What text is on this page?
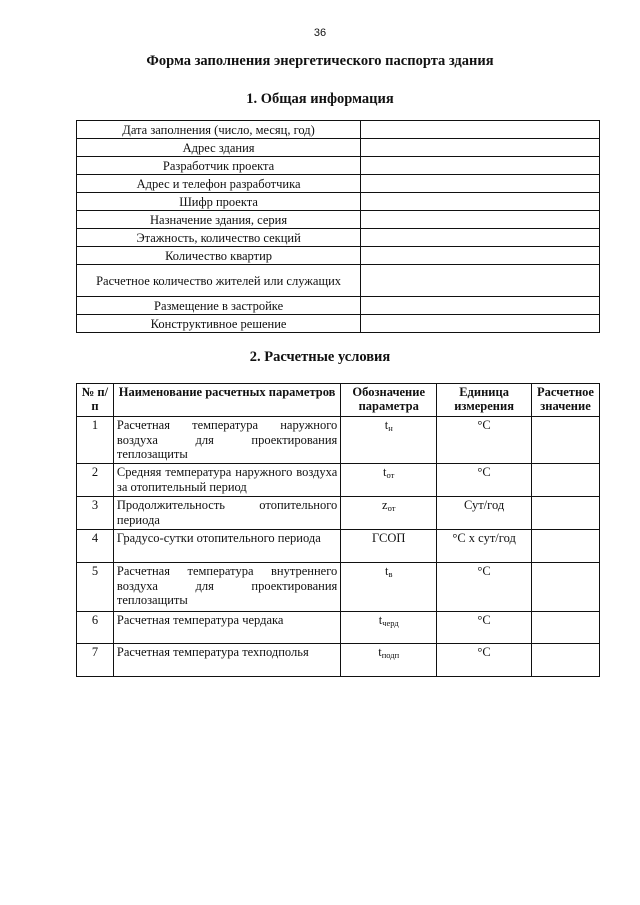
36
Форма заполнения энергетического паспорта здания
1. Общая информация
Дата заполнения (число, месяц, год)	
Адрес здания	
Разработчик проекта	
Адрес и телефон разработчика	
Шифр проекта	
Назначение здания, серия	
Этажность, количество секций	
Количество квартир	
Расчетное количество жителей или служащих	
Размещение в застройке	
Конструктивное решение	
2. Расчетные условия
№ п/п	Наименование расчетных параметров	Обозначение параметра	Единица измерения	Расчетное значение
1	Расчетная температура наружного воздуха для проектирования теплозащиты	$t_н$	°С	
2	Средняя температура наружного воздуха за отопительный период	$t_{от}$	°С	
3	Продолжительность отопительного периода	$z_{от}$	Сут/год	
4	Градусо-сутки отопительного периода	ГСОП	°С х сут/год	
5	Расчетная температура внутреннего воздуха для проектирования теплозащиты	$t_в$	°С	
6	Расчетная температура чердака	$t_{черд}$	°С	
7	Расчетная температура техподполья	$t_{подп}$	°С	
